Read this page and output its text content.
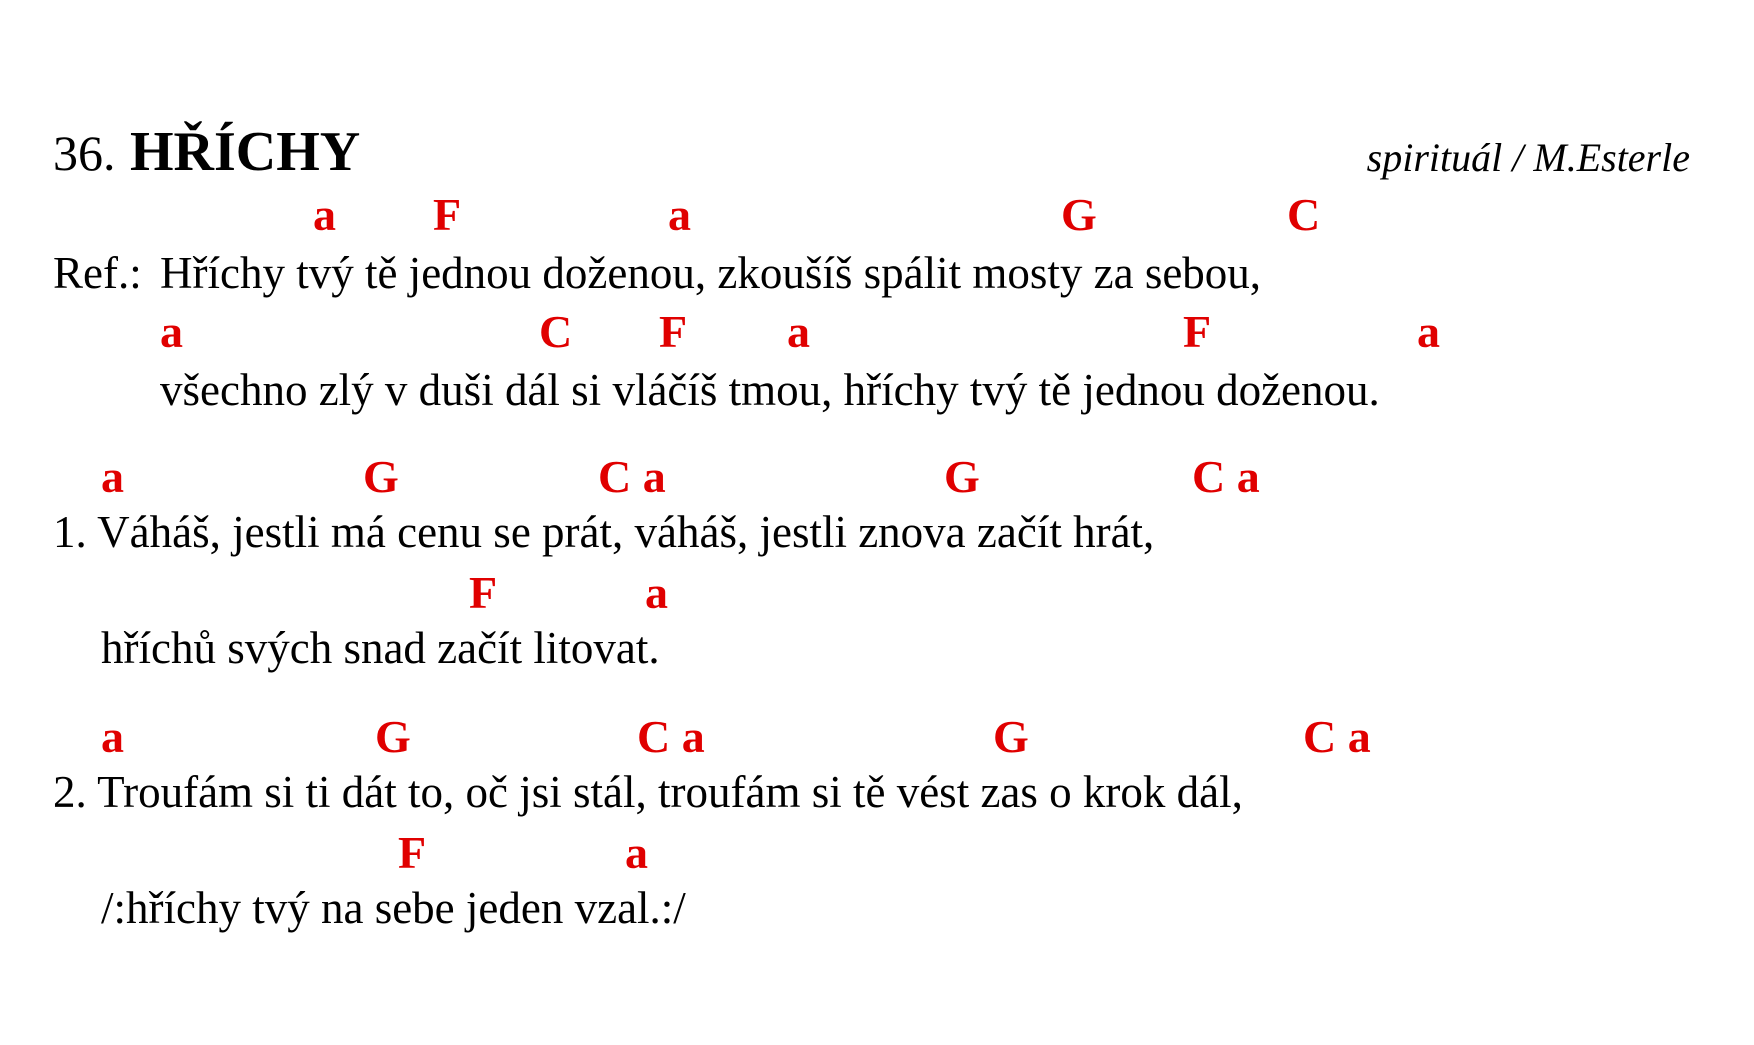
36. HŘÍCHY	spirituál / M.Esterle
a F	a	G	C
Ref.: Hříchy tvý tě jednou doženou, zkoušíš spálit mosty za sebou,
a	C F a	F	a
všechno zlý v duši dál si vláčíš tmou, hříchy tvý tě jednou doženou.
a	G	C a	G	C a
1. Váháš, jestli má cenu se prát, váháš, jestli znova začít hrát,
F	a
hříchů svých snad začít litovat.
a	G	C a	G	C a
2. Troufám si ti dát to, oč jsi stál, troufám si tě vést zas o krok dál,
F	a
/:hříchy tvý na sebe jeden vzal.:/
